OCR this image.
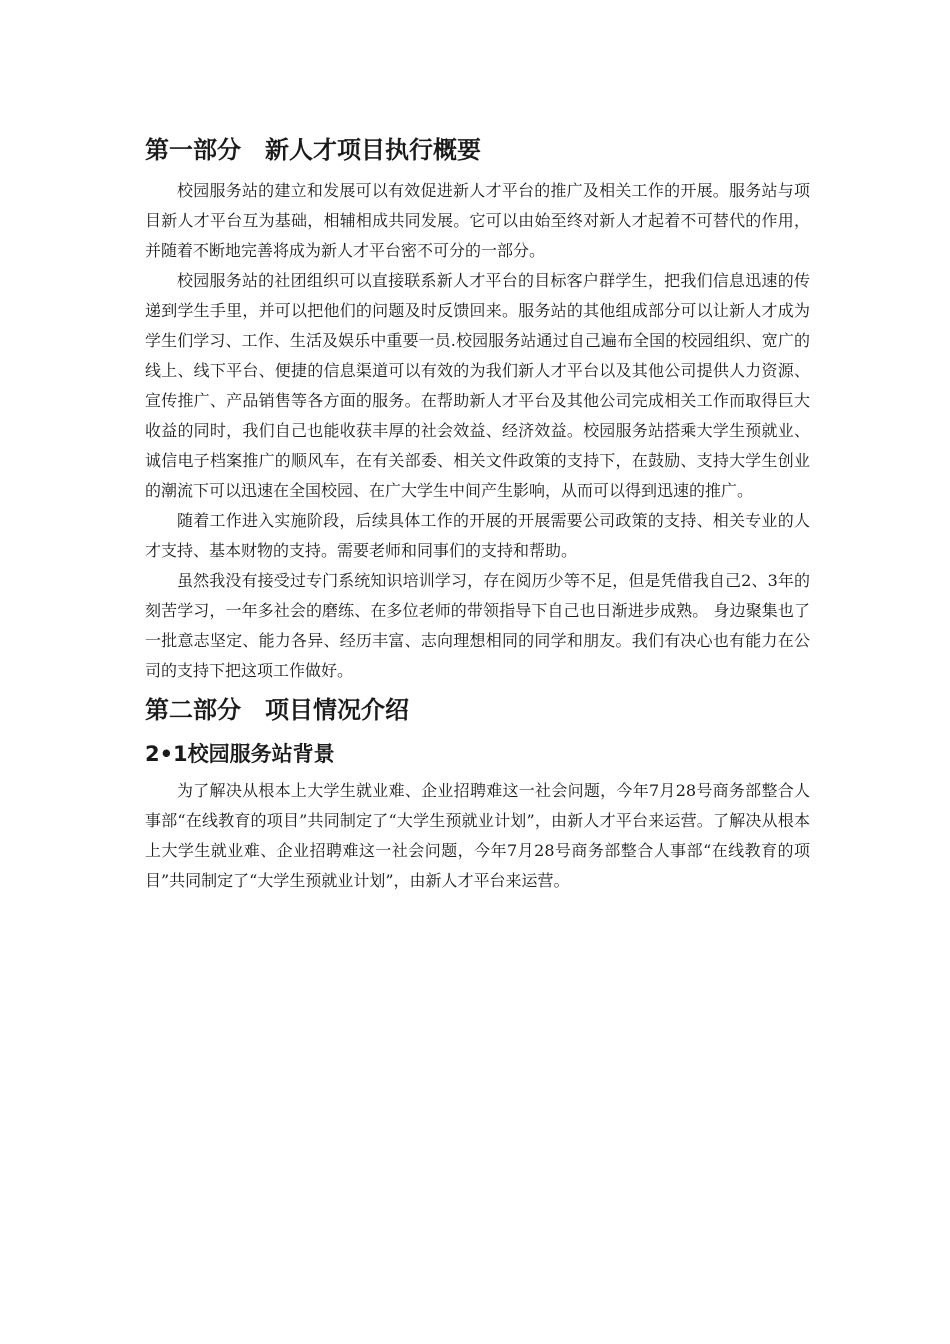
第一部分　新人才项目执行概要

校园服务站的建立和发展可以有效促进新人才平台的推广及相关工作的开展。服务站与项目新人才平台互为基础，相辅相成共同发展。它可以由始至终对新人才起着不可替代的作用，并随着不断地完善将成为新人才平台密不可分的一部分。

校园服务站的社团组织可以直接联系新人才平台的目标客户群学生，把我们信息迅速的传递到学生手里，并可以把他们的问题及时反馈回来。服务站的其他组成部分可以让新人才成为学生们学习、工作、生活及娱乐中重要一员.校园服务站通过自己遍布全国的校园组织、宽广的线上、线下平台、便捷的信息渠道可以有效的为我们新人才平台以及其他公司提供人力资源、宣传推广、产品销售等各方面的服务。在帮助新人才平台及其他公司完成相关工作而取得巨大收益的同时，我们自己也能收获丰厚的社会效益、经济效益。校园服务站搭乘大学生预就业、诚信电子档案推广的顺风车，在有关部委、相关文件政策的支持下，在鼓励、支持大学生创业的潮流下可以迅速在全国校园、在广大学生中间产生影响，从而可以得到迅速的推广。

随着工作进入实施阶段，后续具体工作的开展的开展需要公司政策的支持、相关专业的人才支持、基本财物的支持。需要老师和同事们的支持和帮助。

虽然我没有接受过专门系统知识培训学习，存在阅历少等不足，但是凭借我自己2、3年的刻苦学习，一年多社会的磨练、在多位老师的带领指导下自己也日渐进步成熟。 身边聚集也了一批意志坚定、能力各异、经历丰富、志向理想相同的同学和朋友。我们有决心也有能力在公司的支持下把这项工作做好。

第二部分　项目情况介绍
2•1校园服务站背景

为了解决从根本上大学生就业难、企业招聘难这一社会问题，今年7月28号商务部整合人事部“在线教育的项目”共同制定了“大学生预就业计划”，由新人才平台来运营。了解决从根本上大学生就业难、企业招聘难这一社会问题，今年7月28号商务部整合人事部“在线教育的项目”共同制定了“大学生预就业计划”，由新人才平台来运营。
